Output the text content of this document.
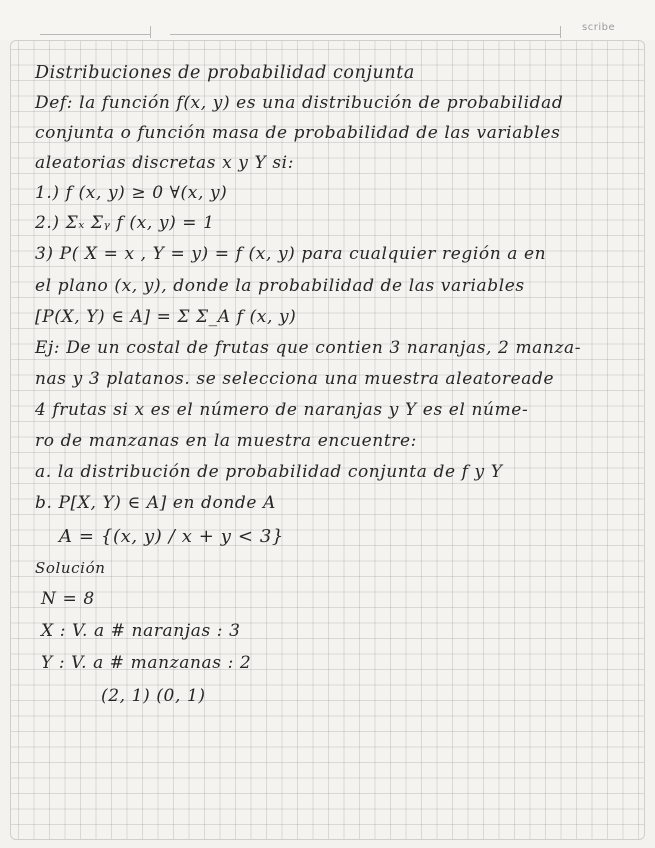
scribe
Distribuciones de probabilidad conjunta
Def: la función f(x, y) es una distribución de probabilidad
conjunta o función masa de probabilidad de las variables
aleatorias discretas x y Y si:
1.) f (x, y) ≥ 0 ∀(x, y)
2.) Σₓ Σᵧ f (x, y) = 1
3) P( X = x , Y = y) = f (x, y) para cualquier región a en
el plano (x, y), donde la probabilidad de las variables
[P(X, Y) ∈ A] = Σ Σ_A f (x, y)
Ej: De un costal de frutas que contien 3 naranjas, 2 manza-
nas y 3 platanos. se selecciona una muestra aleatoreade
4 frutas si x es el número de naranjas y Y es el núme-
ro de manzanas en la muestra encuentre:
a. la distribución de probabilidad conjunta de f y Y
b. P[X, Y) ∈ A] en donde A
A = {(x, y) / x + y < 3}
Solución
N = 8
X : V. a # naranjas : 3
Y : V. a # manzanas : 2
(2, 1) (0, 1)
